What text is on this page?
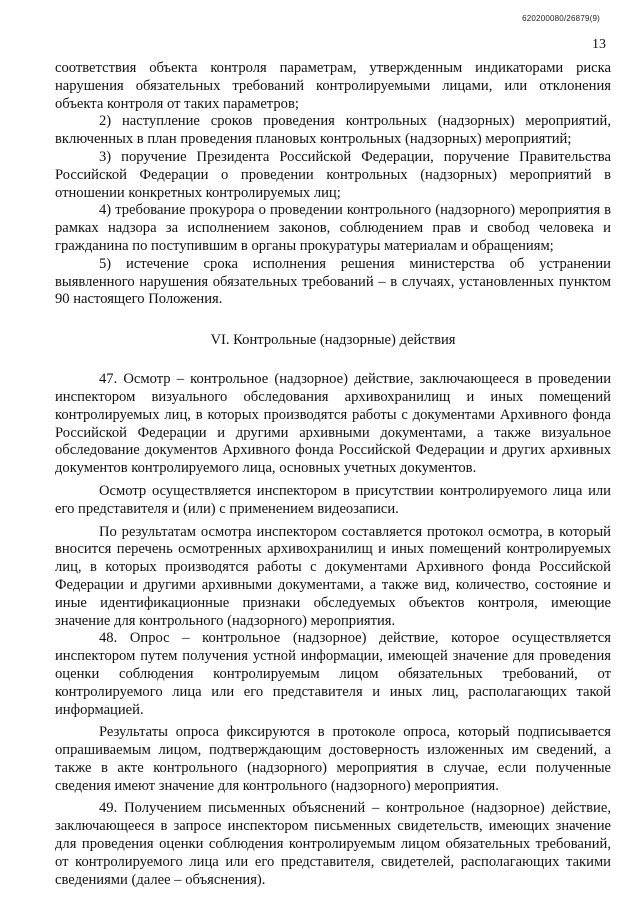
620200080/26879(9)
13

соответствия объекта контроля параметрам, утвержденным индикаторами риска нарушения обязательных требований контролируемыми лицами, или отклонения объекта контроля от таких параметров;

2) наступление сроков проведения контрольных (надзорных) мероприятий, включенных в план проведения плановых контрольных (надзорных) мероприятий;

3) поручение Президента Российской Федерации, поручение Правительства Российской Федерации о проведении контрольных (надзорных) мероприятий в отношении конкретных контролируемых лиц;

4) требование прокурора о проведении контрольного (надзорного) мероприятия в рамках надзора за исполнением законов, соблюдением прав и свобод человека и гражданина по поступившим в органы прокуратуры материалам и обращениям;

5) истечение срока исполнения решения министерства об устранении выявленного нарушения обязательных требований – в случаях, установленных пунктом 90 настоящего Положения.

VI. Контрольные (надзорные) действия

47. Осмотр – контрольное (надзорное) действие, заключающееся в проведении инспектором визуального обследования архивохранилищ и иных помещений контролируемых лиц, в которых производятся работы с документами Архивного фонда Российской Федерации и другими архивными документами, а также визуальное обследование документов Архивного фонда Российской Федерации и других архивных документов контролируемого лица, основных учетных документов.

Осмотр осуществляется инспектором в присутствии контролируемого лица или его представителя и (или) с применением видеозаписи.

По результатам осмотра инспектором составляется протокол осмотра, в который вносится перечень осмотренных архивохранилищ и иных помещений контролируемых лиц, в которых производятся работы с документами Архивного фонда Российской Федерации и другими архивными документами, а также вид, количество, состояние и иные идентификационные признаки обследуемых объектов контроля, имеющие значение для контрольного (надзорного) мероприятия.

48. Опрос – контрольное (надзорное) действие, которое осуществляется инспектором путем получения устной информации, имеющей значение для проведения оценки соблюдения контролируемым лицом обязательных требований, от контролируемого лица или его представителя и иных лиц, располагающих такой информацией.

Результаты опроса фиксируются в протоколе опроса, который подписывается опрашиваемым лицом, подтверждающим достоверность изложенных им сведений, а также в акте контрольного (надзорного) мероприятия в случае, если полученные сведения имеют значение для контрольного (надзорного) мероприятия.

49. Получением письменных объяснений – контрольное (надзорное) действие, заключающееся в запросе инспектором письменных свидетельств, имеющих значение для проведения оценки соблюдения контролируемым лицом обязательных требований, от контролируемого лица или его представителя, свидетелей, располагающих такими сведениями (далее – объяснения).
